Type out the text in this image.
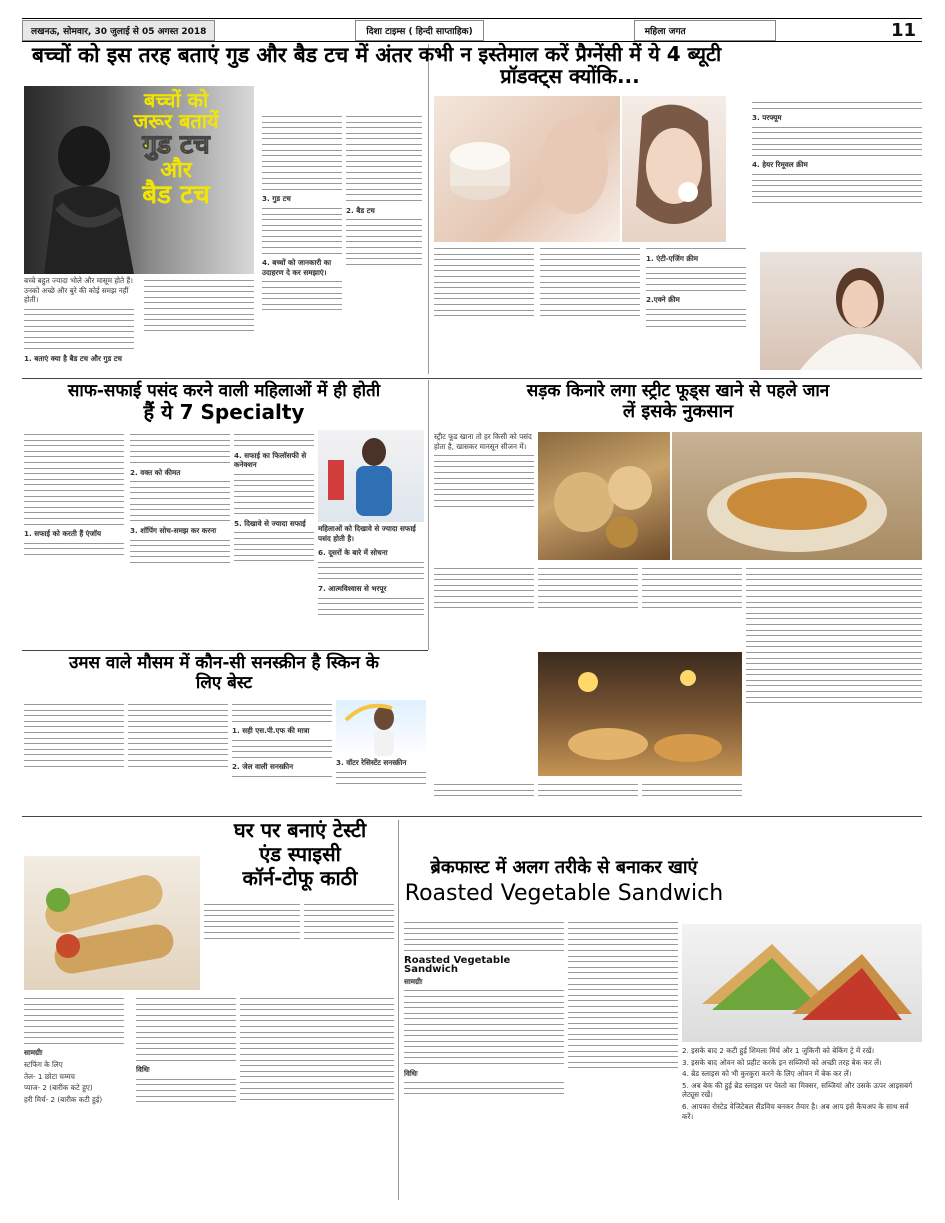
लखनऊ, सोमवार, 30 जुलाई से 05 अगस्त 2018	दिशा टाइम्स ( हिन्दी साप्ताहिक)	महिला जगत	11
बच्चों को इस तरह बताएं गुड और बैड टच में अंतर
बच्चों को
जरूर बतायें
गुड टच
और
बैड टच

बच्चे बहुत ज्यादा भोले और मासूम होते हैं। उनको अच्छे और बुरे की कोई समझ नहीं होती।

1. बताएं क्या है बैड टच और गुड टच

3. गुड टच

4. बच्चों को जानकारी का उदाहरण दे कर समझाएं।

2. बैड टच

कभी न इस्तेमाल करें प्रैग्नेंसी में ये 4 ब्यूटी प्रॉडक्ट्स क्योंकि...

1. एंटी-एजिंग क्रीम

2.एक्ने क्रीम

3. परफ्यूम

4. हेयर रिमूवल क्रीम

साफ-सफाई पसंद करने वाली महिलाओं में ही होती
हैं ये 7 Specialty

1. सफाई को करती हैं एंजॉय

2. वक्त को कीमत

3. शॉपिंग सोच-समझ कर करना

4. सफाई का फिलॉसफी से कनेक्शन

5. दिखावे से ज्यादा सफाई

महिलाओं को दिखावे से ज्यादा सफाई पसंद होती है।

6. दूसरों के बारे में सोचना

7. आत्मविश्वास से भरपूर

सड़क किनारे लगा स्ट्रीट फूड्स खाने से पहले जान
लें इसके नुकसान

स्ट्रीट फूड खाना तो हर किसी को पसंद होता है, खासकर मानसून सीजन में।

उमस वाले मौसम में कौन-सी सनस्क्रीन है स्किन के
लिए बेस्ट

1. सही एस.पी.एफ की मात्रा

2. जेल वाली सनस्क्रीन	3. वॉटर रेसिस्टेंट सनस्क्रीन

घर पर बनाएं टेस्टी
एंड स्पाइसी
कॉर्न-टोफू काठी

सामग्रीः

स्टफिंग के लिए

तेल- 1 छोटा चम्मच

प्याज- 2 (बारीक कटे हुए)

हरी मिर्च- 2 (बारीक कटी हुई)

विधिः

ब्रेकफास्ट में अलग तरीके से बनाकर खाएं
Roasted Vegetable Sandwich

Roasted Vegetable Sandwich

सामग्रीः

विधिः

2. इसके बाद 2 कटी हुई शिमला मिर्च और 1 जुकिनी को बेकिंग ट्रे में रखें।

3. इसके बाद ओवन को प्रहीट करके इन सब्जियों को अच्छी तरह बेक कर लें।

4. ब्रेड स्लाइस को भी कुरकुरा करने के लिए ओवन में बेक कर लें।

5. अब बेक की हुई ब्रेड स्लाइस पर पेस्तो का मिक्सर, सब्जियां और उसके ऊपर आइसबर्ग लेट्यूस रखें।

6. आपका रोस्टेड वेजिटेबल सैंडविच बनकर तैयार है। अब आप इसे कैचअप के साथ सर्व करें।
